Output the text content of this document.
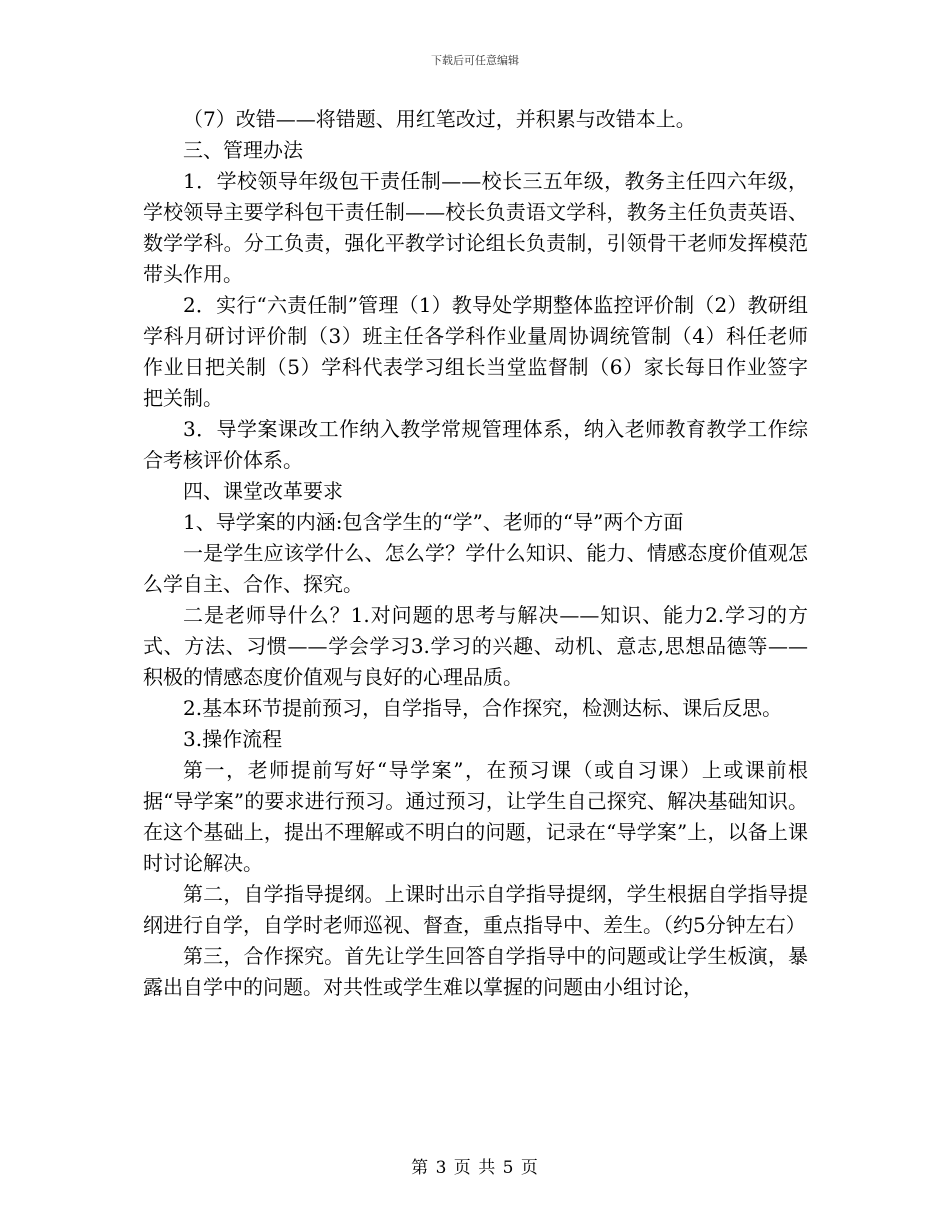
下载后可任意编辑

（7）改错——将错题、用红笔改过，并积累与改错本上。

三、管理办法

1．学校领导年级包干责任制——校长三五年级，教务主任四六年级，学校领导主要学科包干责任制——校长负责语文学科，教务主任负责英语、数学学科。分工负责，强化平教学讨论组长负责制，引领骨干老师发挥模范带头作用。

2．实行“六责任制”管理（1）教导处学期整体监控评价制（2）教研组学科月研讨评价制（3）班主任各学科作业量周协调统管制（4）科任老师作业日把关制（5）学科代表学习组长当堂监督制（6）家长每日作业签字把关制。

3．导学案课改工作纳入教学常规管理体系，纳入老师教育教学工作综合考核评价体系。

四、课堂改革要求

1、导学案的内涵:包含学生的“学”、老师的“导”两个方面

一是学生应该学什么、怎么学？学什么知识、能力、情感态度价值观怎么学自主、合作、探究。

二是老师导什么？1.对问题的思考与解决——知识、能力2.学习的方式、方法、习惯——学会学习3.学习的兴趣、动机、意志,思想品德等——积极的情感态度价值观与良好的心理品质。

2.基本环节提前预习，自学指导，合作探究，检测达标、课后反思。

3.操作流程

第一，老师提前写好“导学案”，在预习课（或自习课）上或课前根据“导学案”的要求进行预习。通过预习，让学生自己探究、解决基础知识。在这个基础上，提出不理解或不明白的问题，记录在“导学案”上，以备上课时讨论解决。

第二，自学指导提纲。上课时出示自学指导提纲，学生根据自学指导提纲进行自学，自学时老师巡视、督查，重点指导中、差生。（约5分钟左右）

第三，合作探究。首先让学生回答自学指导中的问题或让学生板演，暴露出自学中的问题。对共性或学生难以掌握的问题由小组讨论，

第 3 页 共 5 页
